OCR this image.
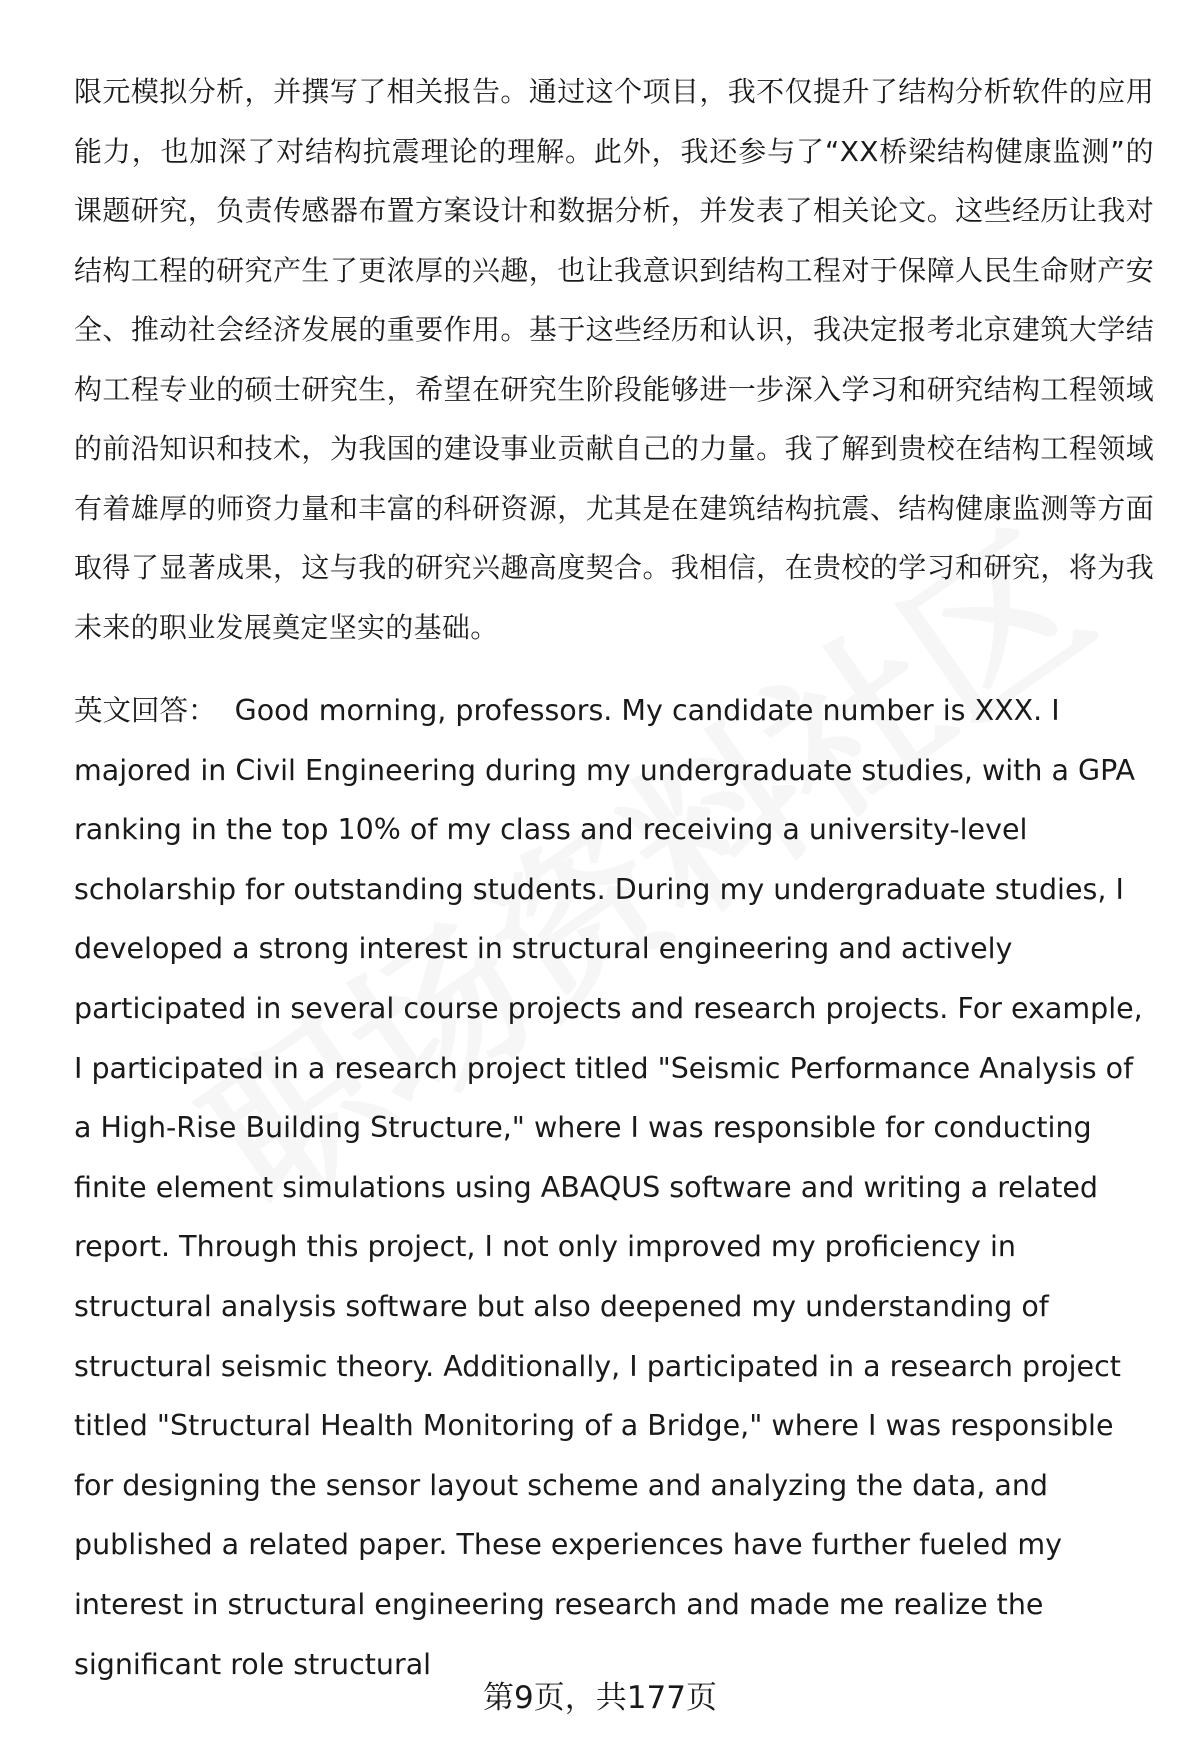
限元模拟分析，并撰写了相关报告。通过这个项目，我不仅提升了结构分析软件的应用能力，也加深了对结构抗震理论的理解。此外，我还参与了“XX桥梁结构健康监测”的课题研究，负责传感器布置方案设计和数据分析，并发表了相关论文。这些经历让我对结构工程的研究产生了更浓厚的兴趣，也让我意识到结构工程对于保障人民生命财产安全、推动社会经济发展的重要作用。基于这些经历和认识，我决定报考北京建筑大学结构工程专业的硕士研究生，希望在研究生阶段能够进一步深入学习和研究结构工程领域的前沿知识和技术，为我国的建设事业贡献自己的力量。我了解到贵校在结构工程领域有着雄厚的师资力量和丰富的科研资源，尤其是在建筑结构抗震、结构健康监测等方面取得了显著成果，这与我的研究兴趣高度契合。我相信，在贵校的学习和研究，将为我未来的职业发展奠定坚实的基础。

英文回答： Good morning, professors. My candidate number is XXX. I majored in Civil Engineering during my undergraduate studies, with a GPA ranking in the top 10% of my class and receiving a university-level scholarship for outstanding students. During my undergraduate studies, I developed a strong interest in structural engineering and actively participated in several course projects and research projects. For example, I participated in a research project titled "Seismic Performance Analysis of a High-Rise Building Structure," where I was responsible for conducting finite element simulations using ABAQUS software and writing a related report. Through this project, I not only improved my proficiency in structural analysis software but also deepened my understanding of structural seismic theory. Additionally, I participated in a research project titled "Structural Health Monitoring of a Bridge," where I was responsible for designing the sensor layout scheme and analyzing the data, and published a related paper. These experiences have further fueled my interest in structural engineering research and made me realize the significant role structural

第9页，共177页
